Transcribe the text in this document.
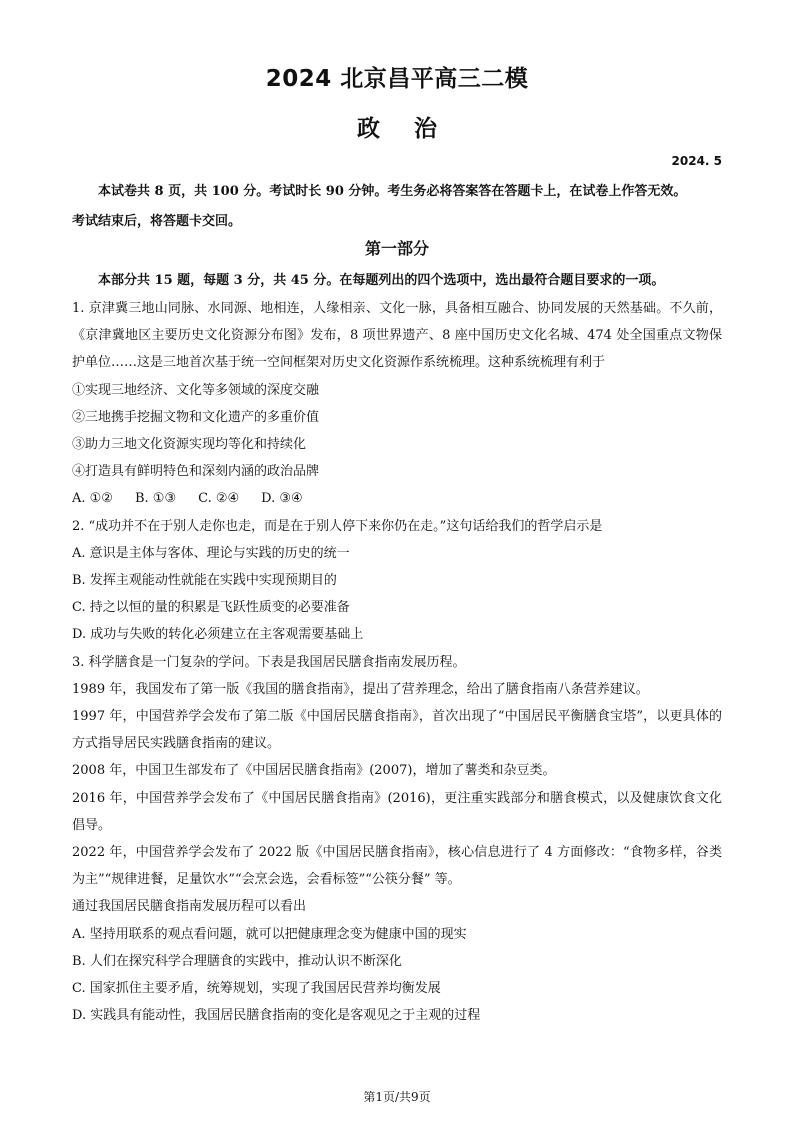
2024 北京昌平高三二模
政治
2024. 5
本试卷共 8 页，共 100 分。考试时长 90 分钟。考生务必将答案答在答题卡上，在试卷上作答无效。
考试结束后，将答题卡交回。
第一部分
本部分共 15 题，每题 3 分，共 45 分。在每题列出的四个选项中，选出最符合题目要求的一项。

1. 京津冀三地山同脉、水同源、地相连，人缘相亲、文化一脉，具备相互融合、协同发展的天然基础。不久前，《京津冀地区主要历史文化资源分布图》发布，8 项世界遗产、8 座中国历史文化名城、474 处全国重点文物保护单位……这是三地首次基于统一空间框架对历史文化资源作系统梳理。这种系统梳理有利于

①实现三地经济、文化等多领域的深度交融

②三地携手挖掘文物和文化遗产的多重价值

③助力三地文化资源实现均等化和持续化

④打造具有鲜明特色和深刻内涵的政治品牌

A. ①② B. ①③ C. ②④ D. ③④

2. “成功并不在于别人走你也走，而是在于别人停下来你仍在走。”这句话给我们的哲学启示是

A. 意识是主体与客体、理论与实践的历史的统一

B. 发挥主观能动性就能在实践中实现预期目的

C. 持之以恒的量的积累是飞跃性质变的必要准备

D. 成功与失败的转化必须建立在主客观需要基础上

3. 科学膳食是一门复杂的学问。下表是我国居民膳食指南发展历程。

1989 年，我国发布了第一版《我国的膳食指南》，提出了营养理念，给出了膳食指南八条营养建议。

1997 年，中国营养学会发布了第二版《中国居民膳食指南》，首次出现了“中国居民平衡膳食宝塔”，以更具体的方式指导居民实践膳食指南的建议。

2008 年，中国卫生部发布了《中国居民膳食指南》(2007)，增加了薯类和杂豆类。

2016 年，中国营养学会发布了《中国居民膳食指南》(2016)，更注重实践部分和膳食模式，以及健康饮食文化倡导。

2022 年，中国营养学会发布了 2022 版《中国居民膳食指南》，核心信息进行了 4 方面修改：“食物多样，谷类为主”“规律进餐，足量饮水”“会烹会选，会看标签”“公筷分餐” 等。

通过我国居民膳食指南发展历程可以看出

A. 坚持用联系的观点看问题，就可以把健康理念变为健康中国的现实

B. 人们在探究科学合理膳食的实践中，推动认识不断深化

C. 国家抓住主要矛盾，统筹规划，实现了我国居民营养均衡发展

D. 实践具有能动性，我国居民膳食指南的变化是客观见之于主观的过程

第1页/共9页
